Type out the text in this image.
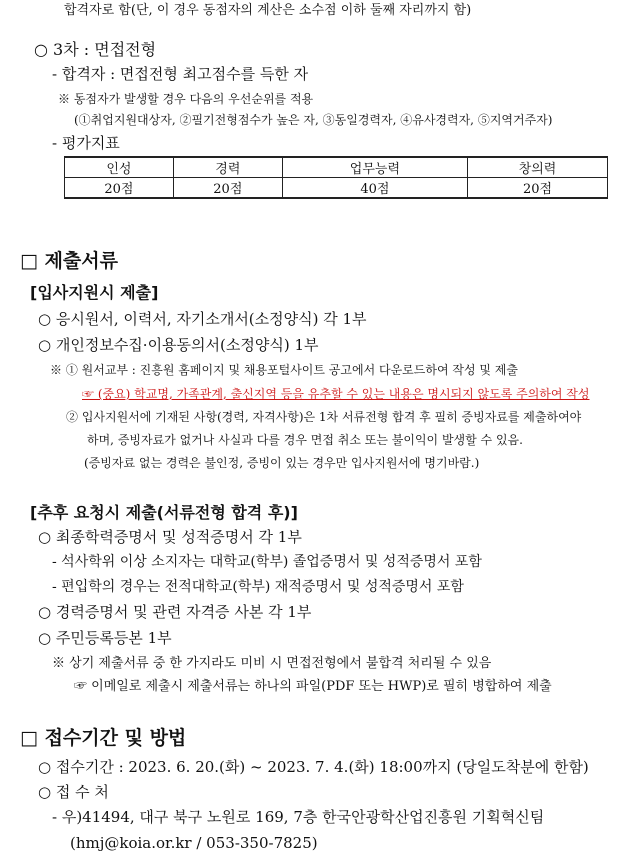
합격자로 함(단, 이 경우 동점자의 계산은 소수점 이하 둘째 자리까지 함)
○ 3차 : 면접전형
- 합격자 : 면접전형 최고점수를 득한 자
※ 동점자가 발생할 경우 다음의 우선순위를 적용
(①취업지원대상자, ②필기전형점수가 높은 자, ③동일경력자, ④유사경력자, ⑤지역거주자)
- 평가지표
인성	경력	업무능력	창의력
20점	20점	40점	20점
□ 제출서류
[입사지원시 제출]
○ 응시원서, 이력서, 자기소개서(소정양식) 각 1부
○ 개인정보수집·이용동의서(소정양식) 1부
※ ① 원서교부 : 진흥원 홈페이지 및 채용포털사이트 공고에서 다운로드하여 작성 및 제출
☞ (중요) 학교명, 가족관계, 출신지역 등을 유추할 수 있는 내용은 명시되지 않도록 주의하여 작성
② 입사지원서에 기재된 사항(경력, 자격사항)은 1차 서류전형 합격 후 필히 증빙자료를 제출하여야
하며, 증빙자료가 없거나 사실과 다를 경우 면접 취소 또는 불이익이 발생할 수 있음.
(증빙자료 없는 경력은 불인정, 증빙이 있는 경우만 입사지원서에 명기바람.)
[추후 요청시 제출(서류전형 합격 후)]
○ 최종학력증명서 및 성적증명서 각 1부
- 석사학위 이상 소지자는 대학교(학부) 졸업증명서 및 성적증명서 포함
- 편입학의 경우는 전적대학교(학부) 재적증명서 및 성적증명서 포함
○ 경력증명서 및 관련 자격증 사본 각 1부
○ 주민등록등본 1부
※ 상기 제출서류 중 한 가지라도 미비 시 면접전형에서 불합격 처리될 수 있음
☞ 이메일로 제출시 제출서류는 하나의 파일(PDF 또는 HWP)로 필히 병합하여 제출
□ 접수기간 및 방법
○ 접수기간 : 2023. 6. 20.(화) ~ 2023. 7. 4.(화) 18:00까지 (당일도착분에 한함)
○ 접 수 처
- 우)41494, 대구 북구 노원로 169, 7층 한국안광학산업진흥원 기획혁신팀
(hmj@koia.or.kr / 053-350-7825)
